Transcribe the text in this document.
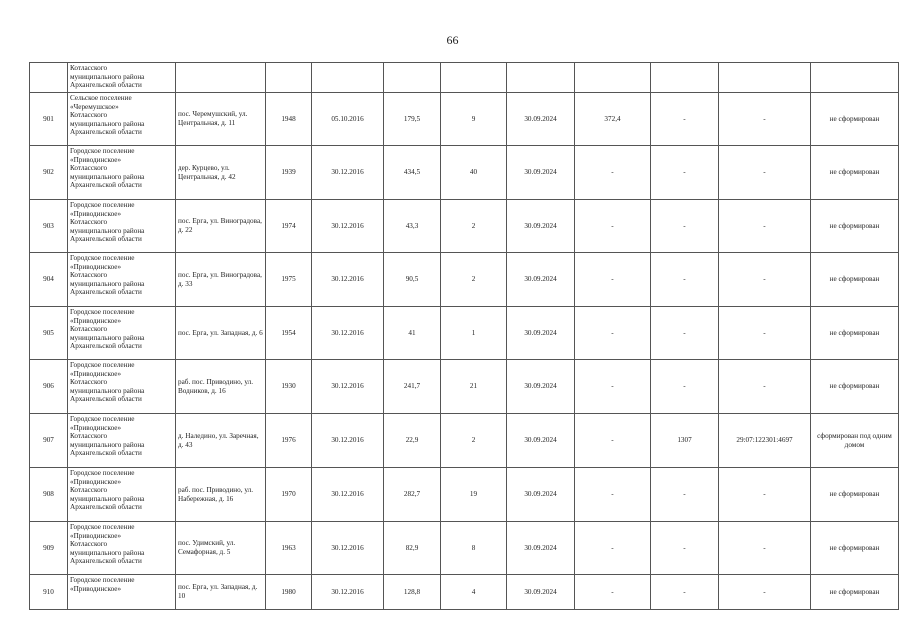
66

	Котласского
муниципального района
Архангельской области										

901	Сельское поселение
«Черемушское»
Котласского
муниципального района
Архангельской области	пос. Черемушский, ул. Центральная, д. 11	1948	05.10.2016	179,5	9	30.09.2024	372,4	-	-	не сформирован
902	Городское поселение
«Приводинское»
Котласского
муниципального района
Архангельской области	дер. Курцево, ул. Центральная, д. 42	1939	30.12.2016	434,5	40	30.09.2024	-	-	-	не сформирован
903	Городское поселение
«Приводинское»
Котласского
муниципального района
Архангельской области	пос. Ерга, ул. Виноградова, д. 22	1974	30.12.2016	43,3	2	30.09.2024	-	-	-	не сформирован
904	Городское поселение
«Приводинское»
Котласского
муниципального района
Архангельской области	пос. Ерга, ул. Виноградова, д. 33	1975	30.12.2016	90,5	2	30.09.2024	-	-	-	не сформирован
905	Городское поселение
«Приводинское»
Котласского
муниципального района
Архангельской области	пос. Ерга, ул. Западная, д. 6	1954	30.12.2016	41	1	30.09.2024	-	-	-	не сформирован
906	Городское поселение
«Приводинское»
Котласского
муниципального района
Архангельской области	раб. пос. Приводино, ул. Водников, д. 16	1930	30.12.2016	241,7	21	30.09.2024	-	-	-	не сформирован
907	Городское поселение
«Приводинское»
Котласского
муниципального района
Архангельской области	д. Наледино, ул. Заречная, д. 43	1976	30.12.2016	22,9	2	30.09.2024	-	1307	29:07:122301:4697	сформирован под одним домом
908	Городское поселение
«Приводинское»
Котласского
муниципального района
Архангельской области	раб. пос. Приводино, ул. Набережная, д. 16	1970	30.12.2016	282,7	19	30.09.2024	-	-	-	не сформирован
909	Городское поселение
«Приводинское»
Котласского
муниципального района
Архангельской области	пос. Удимский, ул. Семафорная, д. 5	1963	30.12.2016	82,9	8	30.09.2024	-	-	-	не сформирован
910	Городское поселение
«Приводинское»	пос. Ерга, ул. Западная, д. 10	1980	30.12.2016	128,8	4	30.09.2024	-	-	-	не сформирован
